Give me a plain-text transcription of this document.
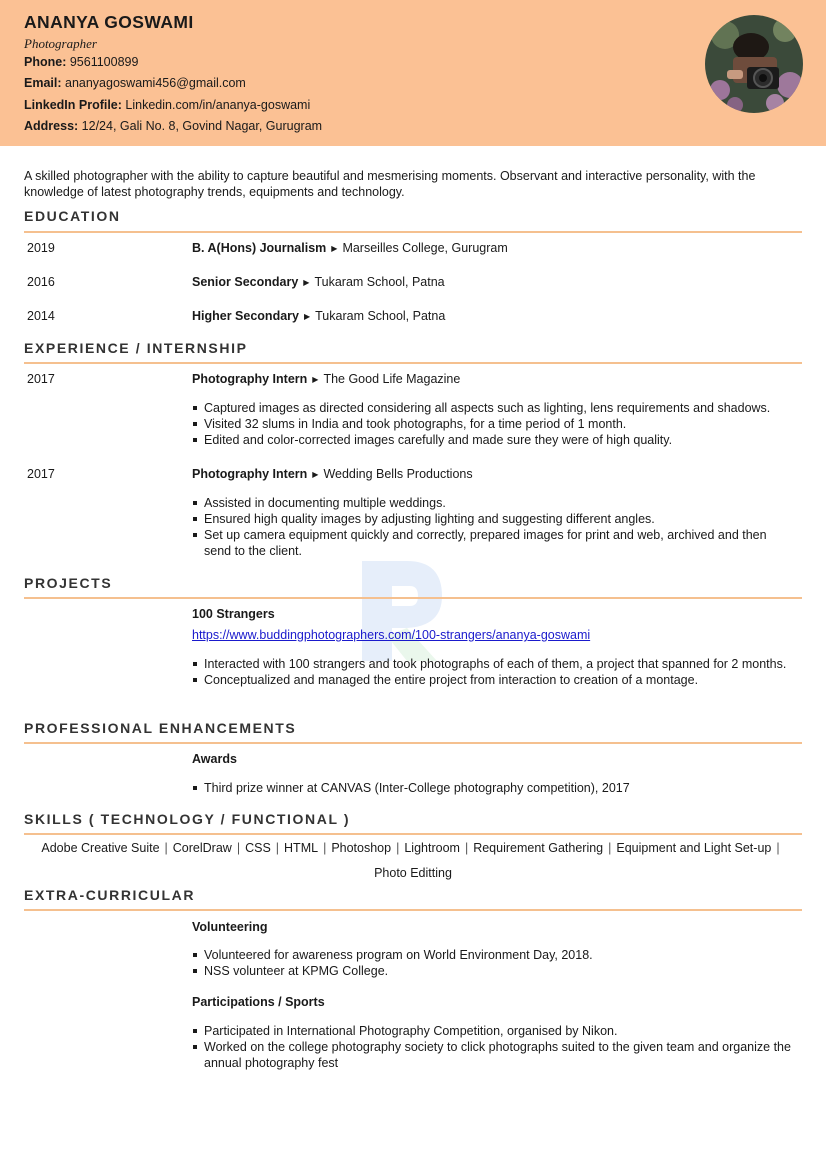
ANANYA GOSWAMI
Photographer
Phone: 9561100899
Email: ananyagoswami456@gmail.com
LinkedIn Profile: Linkedin.com/in/ananya-goswami
Address: 12/24, Gali No. 8, Govind Nagar, Gurugram
A skilled photographer with the ability to capture beautiful and mesmerising moments. Observant and interactive personality, with the knowledge of latest photography trends, equipments and technology.
EDUCATION
2019	B. A(Hons) Journalism ▶ Marseilles College, Gurugram
2016	Senior Secondary ▶ Tukaram School, Patna
2014	Higher Secondary ▶ Tukaram School, Patna
EXPERIENCE / INTERNSHIP
2017	Photography Intern ▶ The Good Life Magazine
Captured images as directed considering all aspects such as lighting, lens requirements and shadows.
Visited 32 slums in India and took photographs, for a time period of 1 month.
Edited and color-corrected images carefully and made sure they were of high quality.
2017	Photography Intern ▶ Wedding Bells Productions
Assisted in documenting multiple weddings.
Ensured high quality images by adjusting lighting and suggesting different angles.
Set up camera equipment quickly and correctly, prepared images for print and web, archived and then send to the client.
PROJECTS
100 Strangers
https://www.buddingphotographers.com/100-strangers/ananya-goswami
Interacted with 100 strangers and took photographs of each of them, a project that spanned for 2 months.
Conceptualized and managed the entire project from interaction to creation of a montage.
PROFESSIONAL ENHANCEMENTS
Awards
Third prize winner at CANVAS (Inter-College photography competition), 2017
SKILLS ( TECHNOLOGY / FUNCTIONAL )
Adobe Creative Suite | CorelDraw | CSS | HTML | Photoshop | Lightroom | Requirement Gathering | Equipment and Light Set-up |
Photo Editting
EXTRA-CURRICULAR
Volunteering
Volunteered for awareness program on World Environment Day, 2018.
NSS volunteer at KPMG College.
Participations / Sports
Participated in International Photography Competition, organised by Nikon.
Worked on the college photography society to click photographs suited to the given team and organize the annual photography fest
